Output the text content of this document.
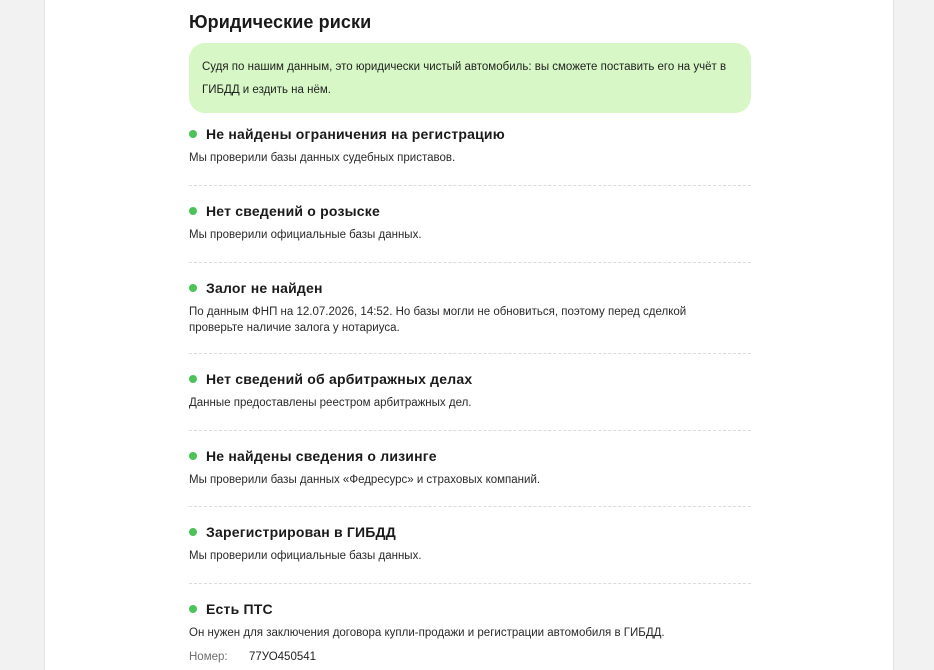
Юридические риски
Судя по нашим данным, это юридически чистый автомобиль: вы сможете поставить его на учёт в ГИБДД и ездить на нём.
Не найдены ограничения на регистрацию
Мы проверили базы данных судебных приставов.
Нет сведений о розыске
Мы проверили официальные базы данных.
Залог не найден
По данным ФНП на 12.07.2026, 14:52. Но базы могли не обновиться, поэтому перед сделкой проверьте наличие залога у нотариуса.
Нет сведений об арбитражных делах
Данные предоставлены реестром арбитражных дел.
Не найдены сведения о лизинге
Мы проверили базы данных «Федресурс» и страховых компаний.
Зарегистрирован в ГИБДД
Мы проверили официальные базы данных.
Есть ПТС
Он нужен для заключения договора купли-продажи и регистрации автомобиля в ГИБДД.
Номер:	77УО450541
